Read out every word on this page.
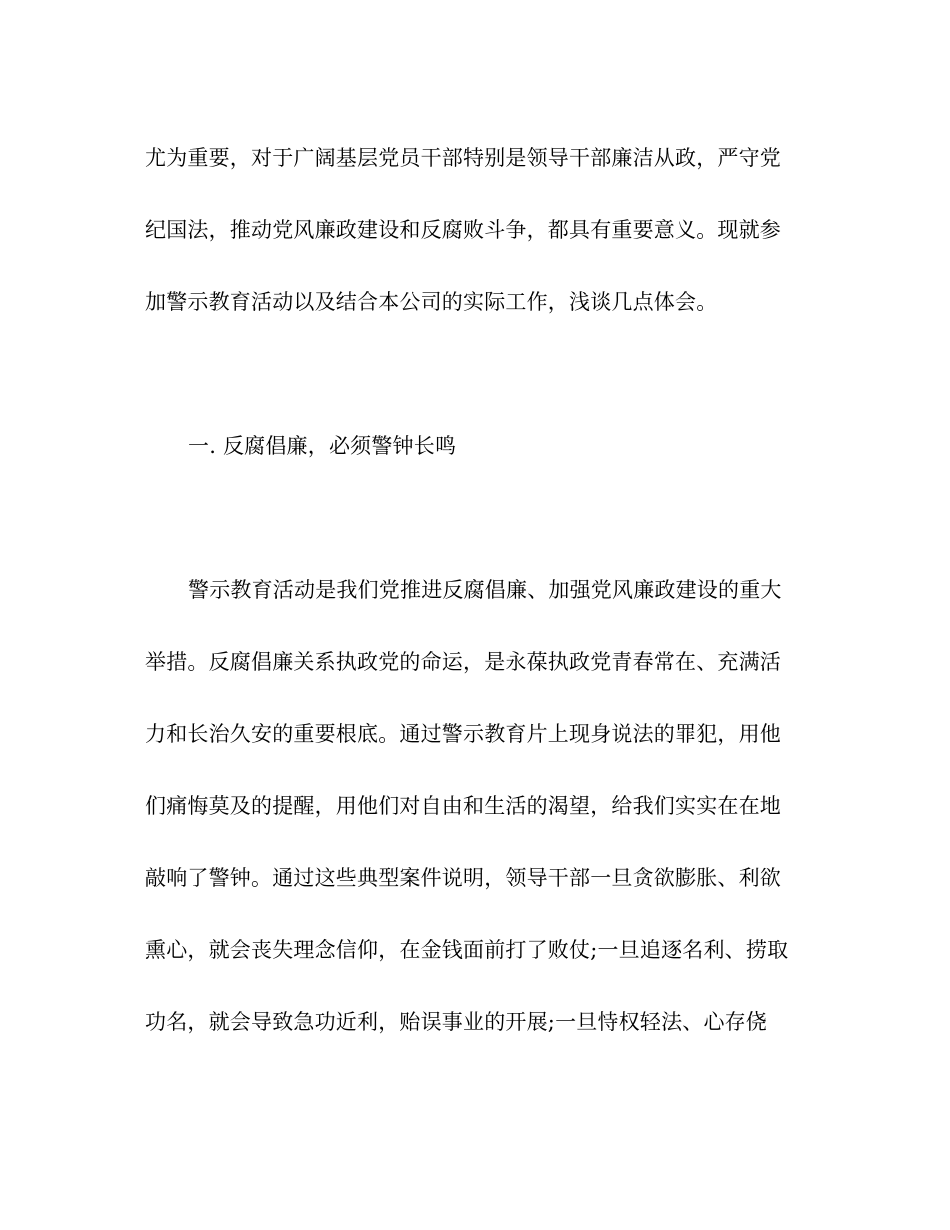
尤为重要，对于广阔基层党员干部特别是领导干部廉洁从政，严守党
纪国法，推动党风廉政建设和反腐败斗争，都具有重要意义。现就参
加警示教育活动以及结合本公司的实际工作，浅谈几点体会。
一. 反腐倡廉，必须警钟长鸣
警示教育活动是我们党推进反腐倡廉、加强党风廉政建设的重大
举措。反腐倡廉关系执政党的命运，是永葆执政党青春常在、充满活
力和长治久安的重要根底。通过警示教育片上现身说法的罪犯，用他
们痛悔莫及的提醒，用他们对自由和生活的渴望，给我们实实在在地
敲响了警钟。通过这些典型案件说明，领导干部一旦贪欲膨胀、利欲
熏心，就会丧失理念信仰，在金钱面前打了败仗;一旦追逐名利、捞取
功名，就会导致急功近利，贻误事业的开展;一旦恃权轻法、心存侥
